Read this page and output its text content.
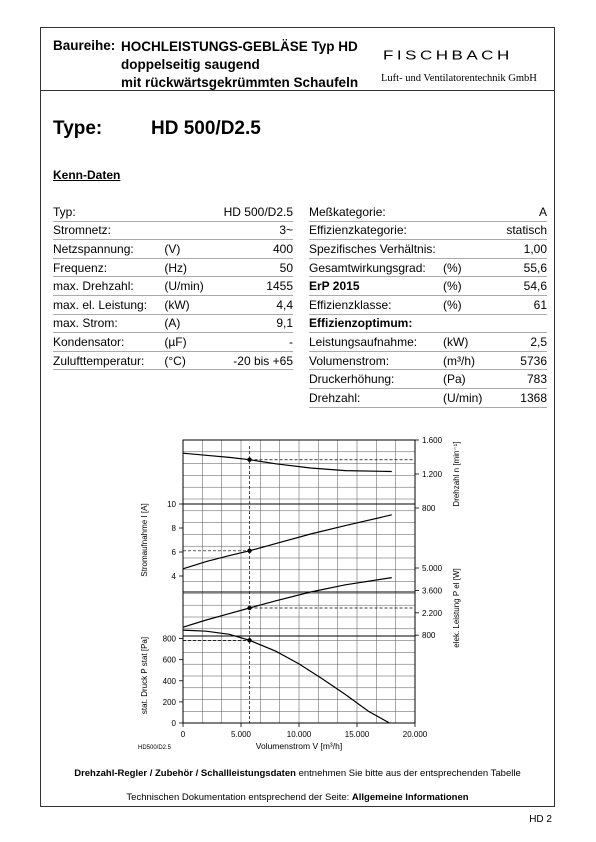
Baureihe: HOCHLEISTUNGS-GEBLÄSE Typ HD
doppelseitig saugend
mit rückwärtsgekrümmten Schaufeln
FISCHBACH
Luft- und Ventilatorentechnik GmbH
Type:	HD 500/D2.5
Kenn-Daten
Typ:		HD 500/D2.5
Stromnetz:		3~
Netzspannung:	(V)	400
Frequenz:	(Hz)	50
max. Drehzahl:	(U/min)	1455
max. el. Leistung:	(kW)	4,4
max. Strom:	(A)	9,1
Kondensator:	(µF)	-
Zulufttemperatur:	(°C)	-20 bis +65
Meßkategorie:		A
Effizienzkategorie:		statisch
Spezifisches Verhältnis:		1,00
Gesamtwirkungsgrad:	(%)	55,6
ErP 2015	(%)	54,6
Effizienzklasse:	(%)	61
Effizienzoptimum:		
Leistungsaufnahme:	(kW)	2,5
Volumenstrom:	(m³/h)	5736
Druckerhöhung:	(Pa)	783
Drehzahl:	(U/min)	1368
1.600
1.200
800
Drehzahl n [min⁻¹]
10
8
6
4
Stromaufnahme I [A]	5.000
3.600
2.200
800 elek. Leistung P el [W]
800
600
400
200
0
stat. Druck P stat [Pa]
0	5.000	10.000	15.000	20.000
Volumenstrom V [m³/h]
HD500/D2.5
Drehzahl-Regler / Zubehör / Schallleistungsdaten entnehmen Sie bitte aus der entsprechenden Tabelle
Technischen Dokumentation entsprechend der Seite: Allgemeine Informationen
HD 2
